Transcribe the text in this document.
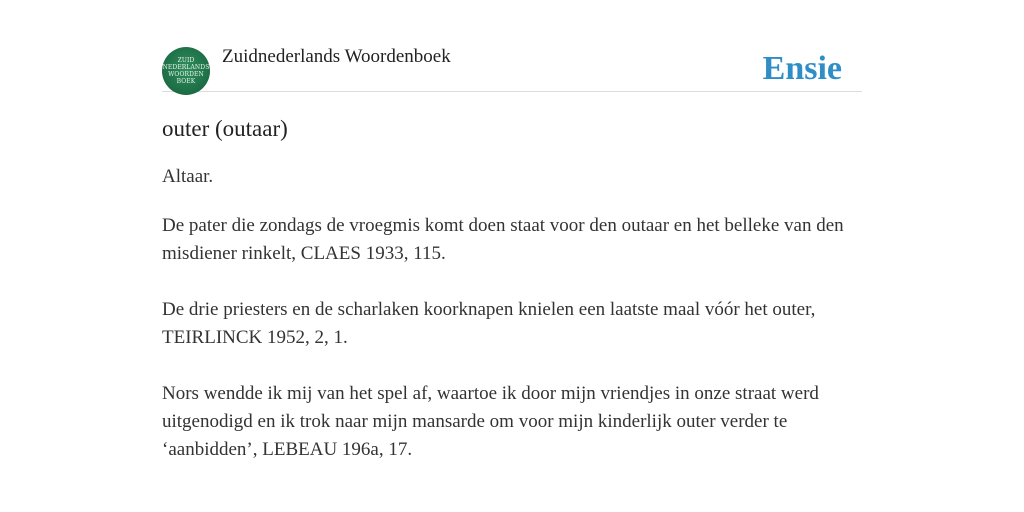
ZUID
NEDERLANDS
WOORDEN
BOEK
Zuidnederlands Woordenboek	Ensie
outer (outaar)
Altaar.

De pater die zondags de vroegmis komt doen staat voor den outaar en het belleke van den misdiener rinkelt, CLAES 1933, 115.

De drie priesters en de scharlaken koorknapen knielen een laatste maal vóór het outer, TEIRLINCK 1952, 2, 1.

Nors wendde ik mij van het spel af, waartoe ik door mijn vriendjes in onze straat werd uitgenodigd en ik trok naar mijn mansarde om voor mijn kinderlijk outer verder te ‘aanbidden’, LEBEAU 196a, 17.
